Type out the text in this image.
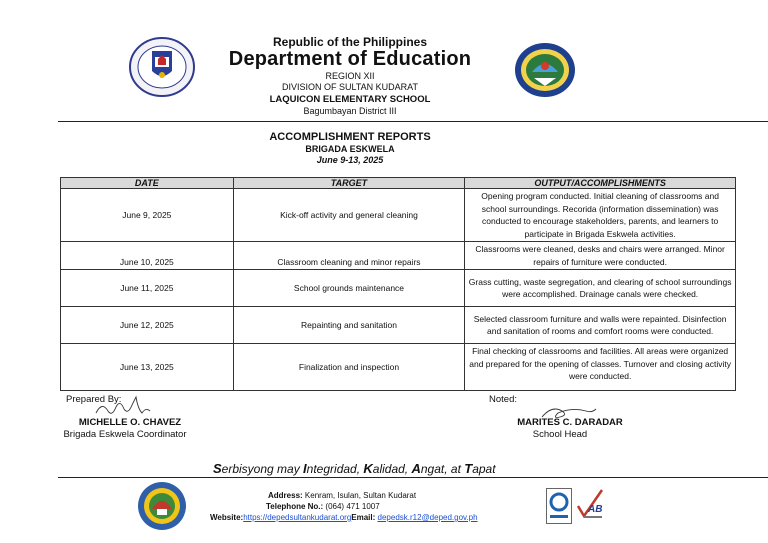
Republic of the Philippines
Department of Education
REGION XII
DIVISION OF SULTAN KUDARAT
LAQUICON ELEMENTARY SCHOOL
Bagumbayan District III
ACCOMPLISHMENT REPORTS
BRIGADA ESKWELA
June 9-13, 2025
DATE	TARGET	OUTPUT/ACCOMPLISHMENTS
June 9, 2025	Kick-off activity and general cleaning	Opening program conducted. Initial cleaning of classrooms and school surroundings. Recorida (information dissemination) was conducted to encourage stakeholders, parents, and learners to participate in Brigada Eskwela activities.
June 10, 2025	Classroom cleaning and minor repairs	Classrooms were cleaned, desks and chairs were arranged. Minor repairs of furniture were conducted.
June 11, 2025	School grounds maintenance	Grass cutting, waste segregation, and clearing of school surroundings were accomplished. Drainage canals were checked.
June 12, 2025	Repainting and sanitation	Selected classroom furniture and walls were repainted. Disinfection and sanitation of rooms and comfort rooms were conducted.
June 13, 2025	Finalization and inspection	Final checking of classrooms and facilities. All areas were organized and prepared for the opening of classes. Turnover and closing activity were conducted.
Prepared By:
MICHELLE O. CHAVEZ
Brigada Eskwela Coordinator
Noted:
MARITES C. DARADAR
School Head
Serbisyong may Integridad, Kalidad, Angat, at Tapat
AB
Address: Kenram, Isulan, Sultan Kudarat
Telephone No.: (064) 471 1007
Website:https://depedsultankudarat.orgEmail: depedsk.r12@deped.gov.ph
